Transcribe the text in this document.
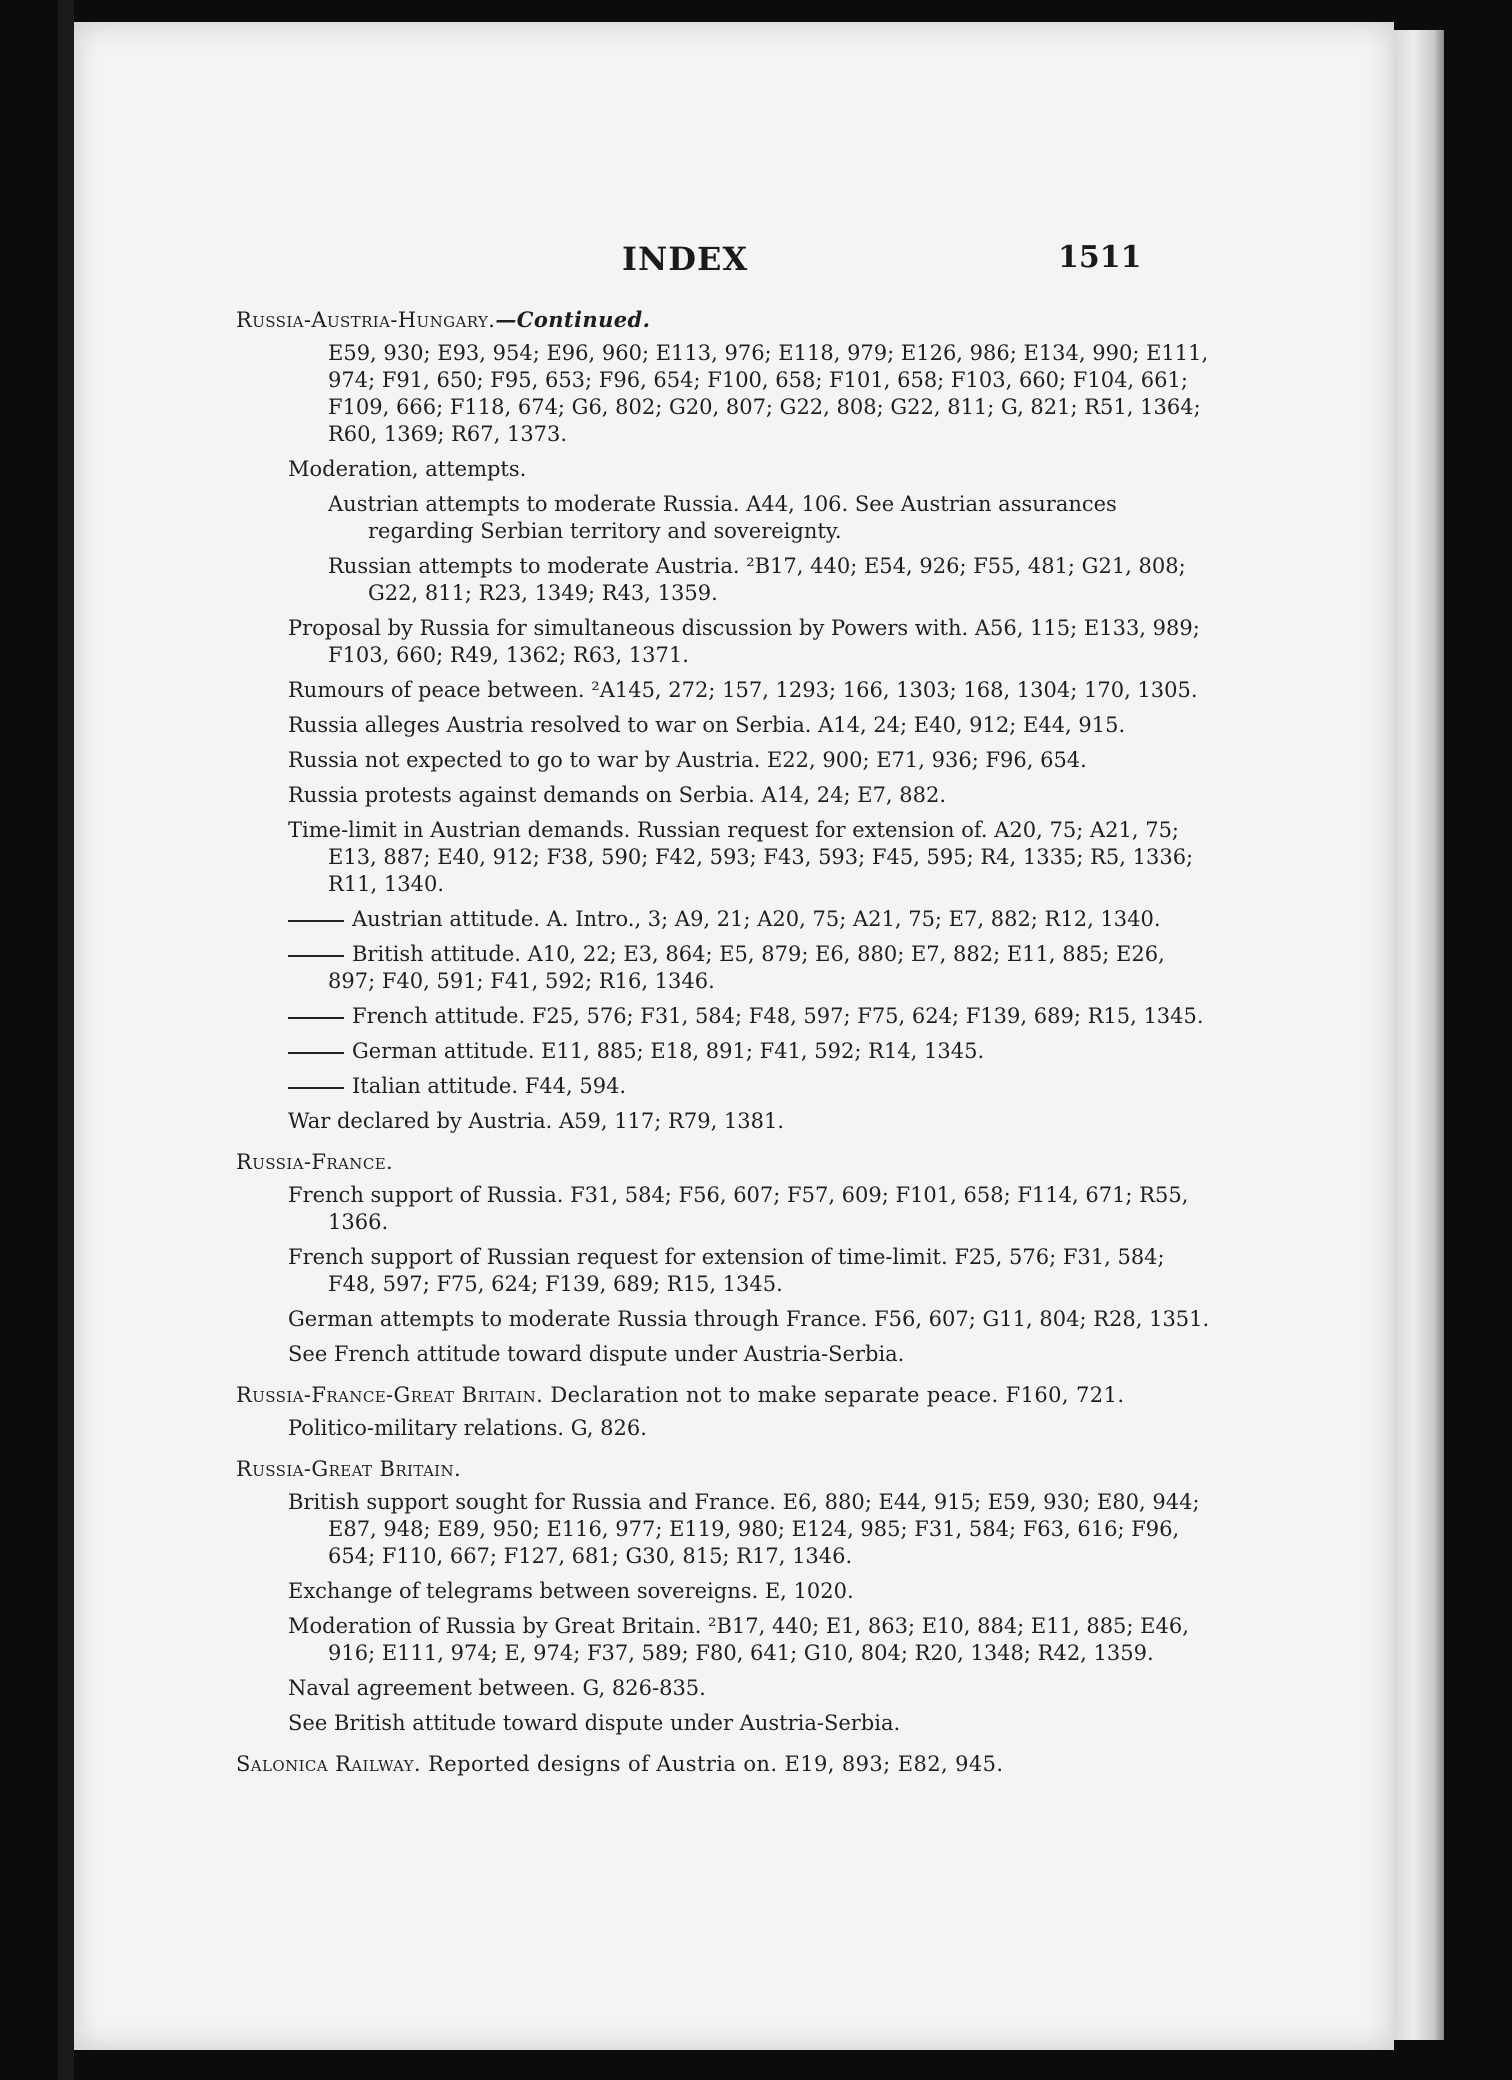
INDEX	1511
Russia-Austria-Hungary.—Continued.
E59, 930; E93, 954; E96, 960; E113, 976; E118, 979; E126, 986; E134, 990; E111, 974; F91, 650; F95, 653; F96, 654; F100, 658; F101, 658; F103, 660; F104, 661; F109, 666; F118, 674; G6, 802; G20, 807; G22, 808; G22, 811; G, 821; R51, 1364; R60, 1369; R67, 1373.
Moderation, attempts.
Austrian attempts to moderate Russia. A44, 106. See Austrian assurances regarding Serbian territory and sovereignty.
Russian attempts to moderate Austria. ²B17, 440; E54, 926; F55, 481; G21, 808; G22, 811; R23, 1349; R43, 1359.
Proposal by Russia for simultaneous discussion by Powers with. A56, 115; E133, 989; F103, 660; R49, 1362; R63, 1371.
Rumours of peace between. ²A145, 272; 157, 1293; 166, 1303; 168, 1304; 170, 1305.
Russia alleges Austria resolved to war on Serbia. A14, 24; E40, 912; E44, 915.
Russia not expected to go to war by Austria. E22, 900; E71, 936; F96, 654.
Russia protests against demands on Serbia. A14, 24; E7, 882.
Time-limit in Austrian demands. Russian request for extension of. A20, 75; A21, 75; E13, 887; E40, 912; F38, 590; F42, 593; F43, 593; F45, 595; R4, 1335; R5, 1336; R11, 1340.
Austrian attitude. A. Intro., 3; A9, 21; A20, 75; A21, 75; E7, 882; R12, 1340.
British attitude. A10, 22; E3, 864; E5, 879; E6, 880; E7, 882; E11, 885; E26, 897; F40, 591; F41, 592; R16, 1346.
French attitude. F25, 576; F31, 584; F48, 597; F75, 624; F139, 689; R15, 1345.
German attitude. E11, 885; E18, 891; F41, 592; R14, 1345.
Italian attitude. F44, 594.
War declared by Austria. A59, 117; R79, 1381.
Russia-France.
French support of Russia. F31, 584; F56, 607; F57, 609; F101, 658; F114, 671; R55, 1366.
French support of Russian request for extension of time-limit. F25, 576; F31, 584; F48, 597; F75, 624; F139, 689; R15, 1345.
German attempts to moderate Russia through France. F56, 607; G11, 804; R28, 1351.
See French attitude toward dispute under Austria-Serbia.
Russia-France-Great Britain. Declaration not to make separate peace. F160, 721.
Politico-military relations. G, 826.
Russia-Great Britain.
British support sought for Russia and France. E6, 880; E44, 915; E59, 930; E80, 944; E87, 948; E89, 950; E116, 977; E119, 980; E124, 985; F31, 584; F63, 616; F96, 654; F110, 667; F127, 681; G30, 815; R17, 1346.
Exchange of telegrams between sovereigns. E, 1020.
Moderation of Russia by Great Britain. ²B17, 440; E1, 863; E10, 884; E11, 885; E46, 916; E111, 974; E, 974; F37, 589; F80, 641; G10, 804; R20, 1348; R42, 1359.
Naval agreement between. G, 826-835.
See British attitude toward dispute under Austria-Serbia.
Salonica Railway. Reported designs of Austria on. E19, 893; E82, 945.
